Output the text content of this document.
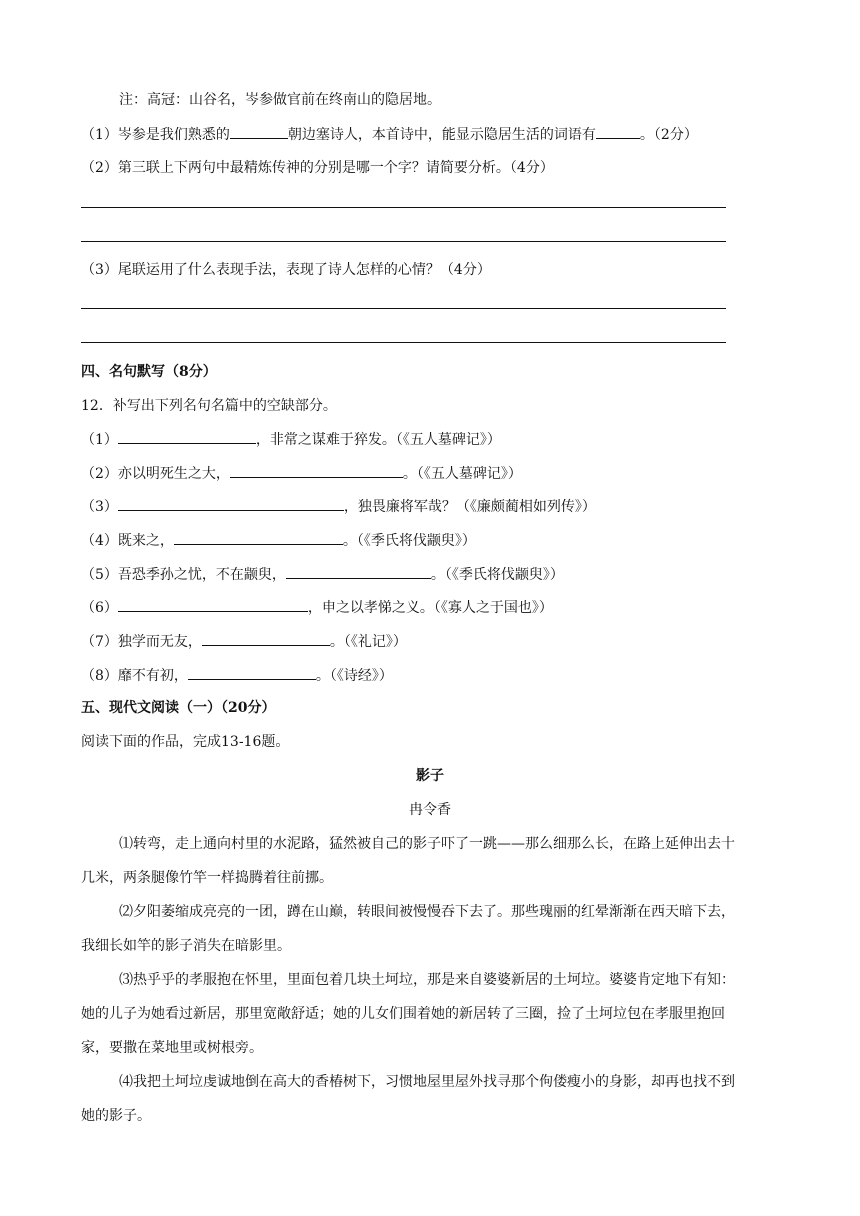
注：高冠：山谷名，岑参做官前在终南山的隐居地。
（1）岑参是我们熟悉的	朝边塞诗人，本首诗中，能显示隐居生活的词语有	。（2分）
（2）第三联上下两句中最精炼传神的分别是哪一个字？请简要分析。（4分）
（3）尾联运用了什么表现手法，表现了诗人怎样的心情？（4分）
四、名句默写（8分）
12．补写出下列名句名篇中的空缺部分。
（1）	，非常之谋难于猝发。（《五人墓碑记》）
（2）亦以明死生之大，	。（《五人墓碑记》）
（3）	，独畏廉将军哉？（《廉颇蔺相如列传》）
（4）既来之，	。（《季氏将伐颛臾》）
（5）吾恐季孙之忧，不在颛臾，	。（《季氏将伐颛臾》）
（6）	，申之以孝悌之义。（《寡人之于国也》）
（7）独学而无友，	。（《礼记》）
（8）靡不有初，	。（《诗经》）
五、现代文阅读（一）（20分）
阅读下面的作品，完成13-16题。
影子
冉令香
⑴转弯，走上通向村里的水泥路，猛然被自己的影子吓了一跳——那么细那么长，在路上延伸出去十
几米，两条腿像竹竿一样捣腾着往前挪。
⑵夕阳萎缩成亮亮的一团，蹲在山巅，转眼间被慢慢吞下去了。那些瑰丽的红晕渐渐在西天暗下去，
我细长如竿的影子消失在暗影里。
⑶热乎乎的孝服抱在怀里，里面包着几块土坷垃，那是来自婆婆新居的土坷垃。婆婆肯定地下有知：
她的儿子为她看过新居，那里宽敞舒适；她的儿女们围着她的新居转了三圈，捡了土坷垃包在孝服里抱回
家，要撒在菜地里或树根旁。
⑷我把土坷垃虔诚地倒在高大的香椿树下，习惯地屋里屋外找寻那个佝偻瘦小的身影，却再也找不到
她的影子。
